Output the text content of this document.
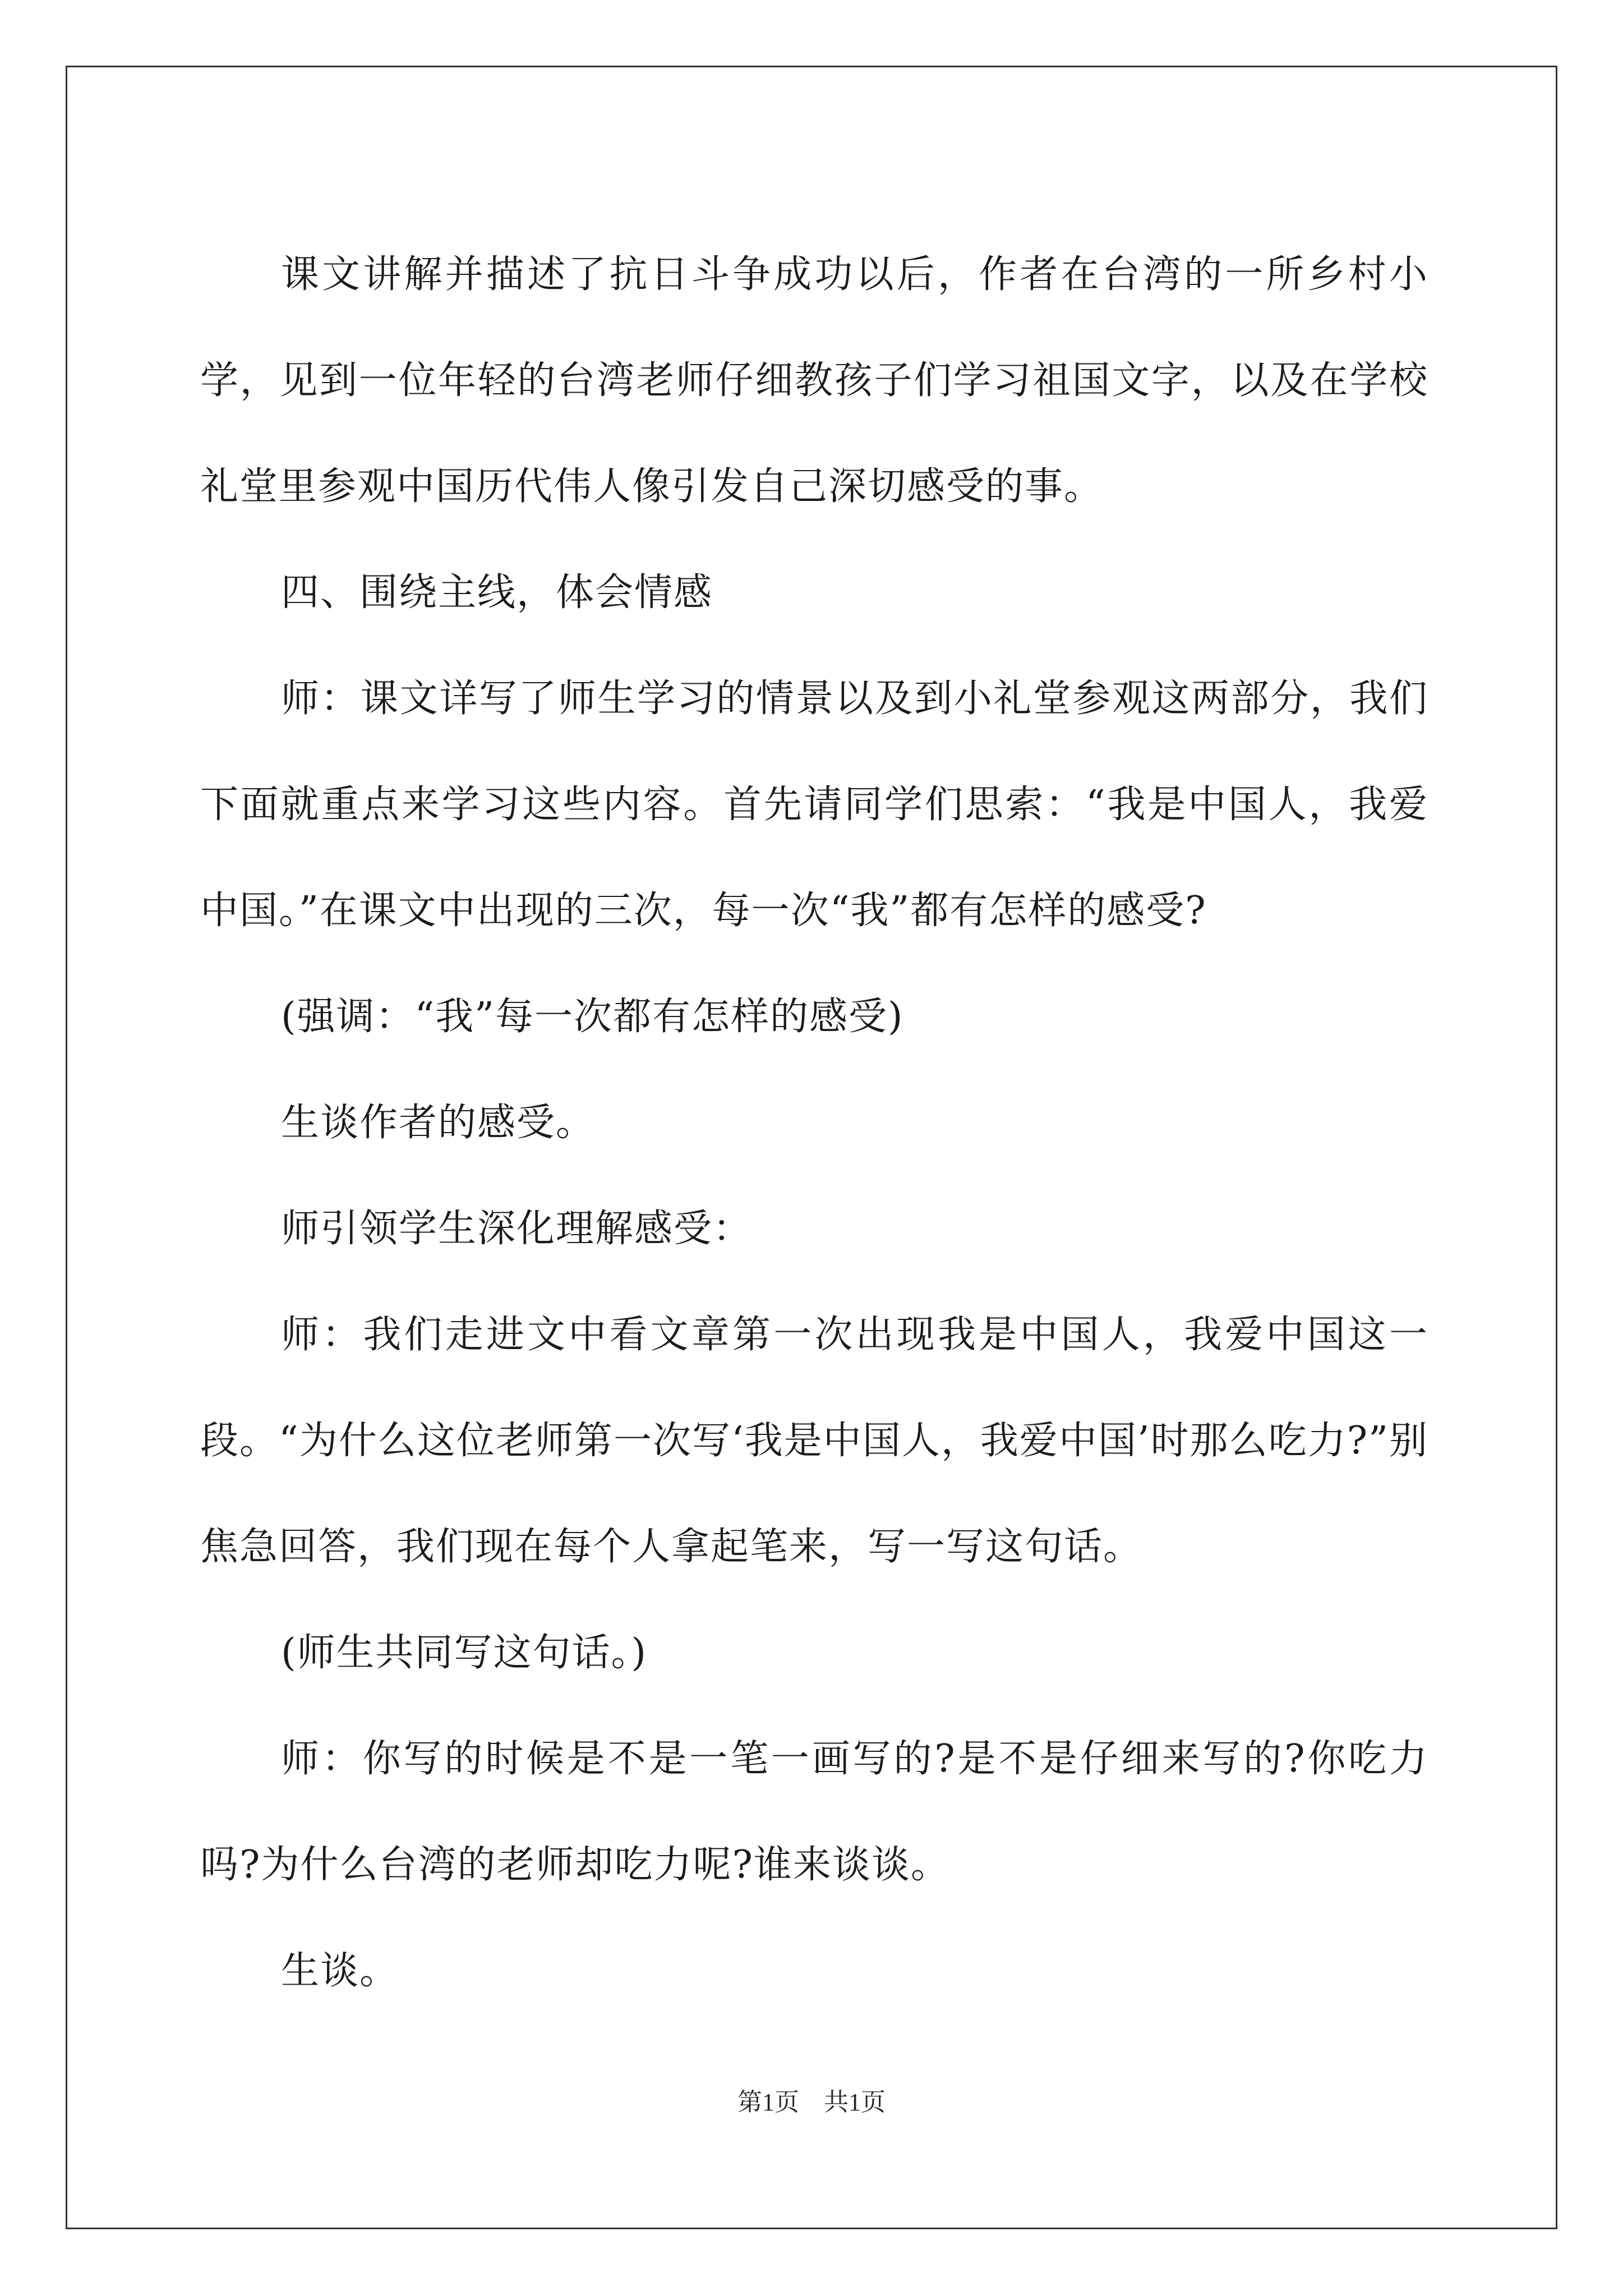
课文讲解并描述了抗日斗争成功以后，作者在台湾的一所乡村小学，见到一位年轻的台湾老师仔细教孩子们学习祖国文字，以及在学校礼堂里参观中国历代伟人像引发自己深切感受的事。

四、围绕主线，体会情感

师：课文详写了师生学习的情景以及到小礼堂参观这两部分，我们下面就重点来学习这些内容。首先请同学们思索：“我是中国人，我爱中国。”在课文中出现的三次，每一次“我”都有怎样的感受?

(强调：“我”每一次都有怎样的感受)

生谈作者的感受。

师引领学生深化理解感受：

师：我们走进文中看文章第一次出现我是中国人，我爱中国这一段。“为什么这位老师第一次写‘我是中国人，我爱中国’时那么吃力?”别焦急回答，我们现在每个人拿起笔来，写一写这句话。

(师生共同写这句话。)

师：你写的时候是不是一笔一画写的?是不是仔细来写的?你吃力吗?为什么台湾的老师却吃力呢?谁来谈谈。

生谈。

第1页 共1页
